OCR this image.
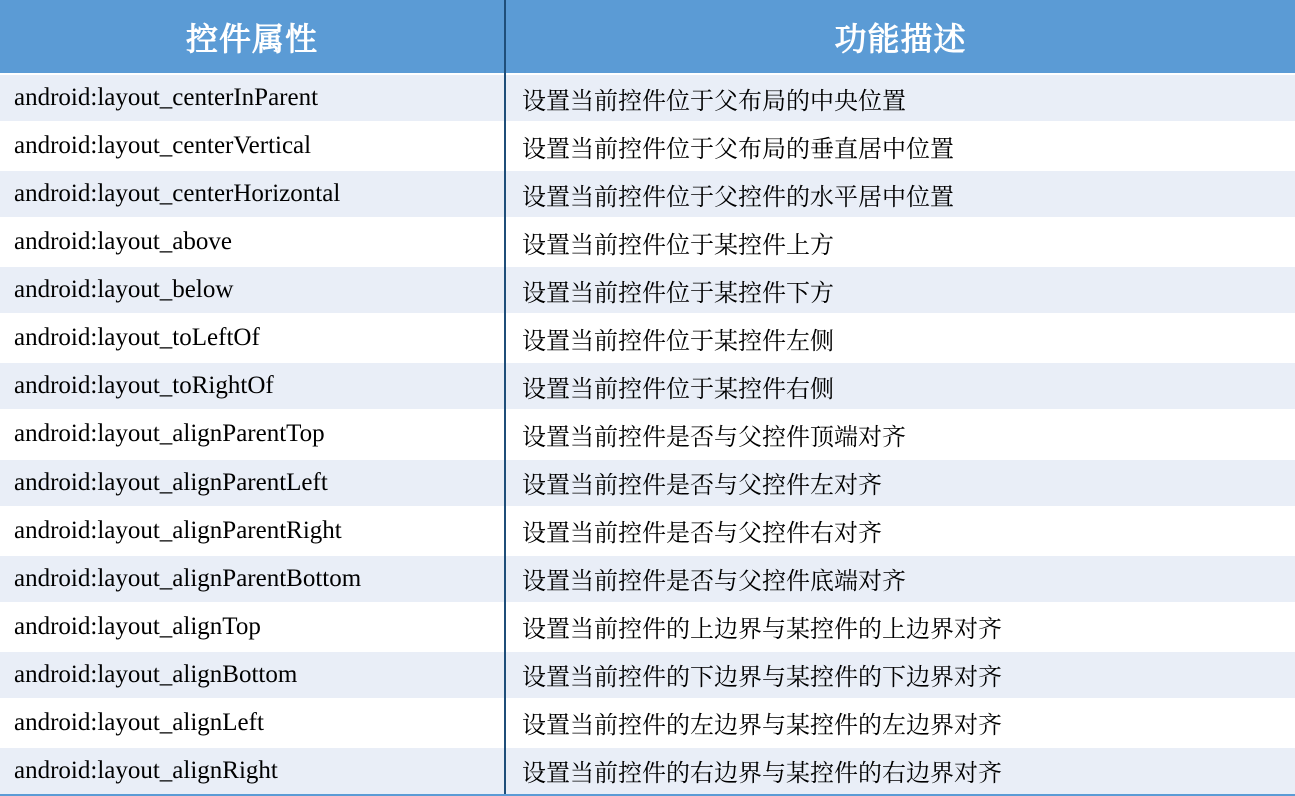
控件属性	功能描述
android:layout_centerInParent	设置当前控件位于父布局的中央位置
android:layout_centerVertical	设置当前控件位于父布局的垂直居中位置
android:layout_centerHorizontal	设置当前控件位于父控件的水平居中位置
android:layout_above	设置当前控件位于某控件上方
android:layout_below	设置当前控件位于某控件下方
android:layout_toLeftOf	设置当前控件位于某控件左侧
android:layout_toRightOf	设置当前控件位于某控件右侧
android:layout_alignParentTop	设置当前控件是否与父控件顶端对齐
android:layout_alignParentLeft	设置当前控件是否与父控件左对齐
android:layout_alignParentRight	设置当前控件是否与父控件右对齐
android:layout_alignParentBottom	设置当前控件是否与父控件底端对齐
android:layout_alignTop	设置当前控件的上边界与某控件的上边界对齐
android:layout_alignBottom	设置当前控件的下边界与某控件的下边界对齐
android:layout_alignLeft	设置当前控件的左边界与某控件的左边界对齐
android:layout_alignRight	设置当前控件的右边界与某控件的右边界对齐
